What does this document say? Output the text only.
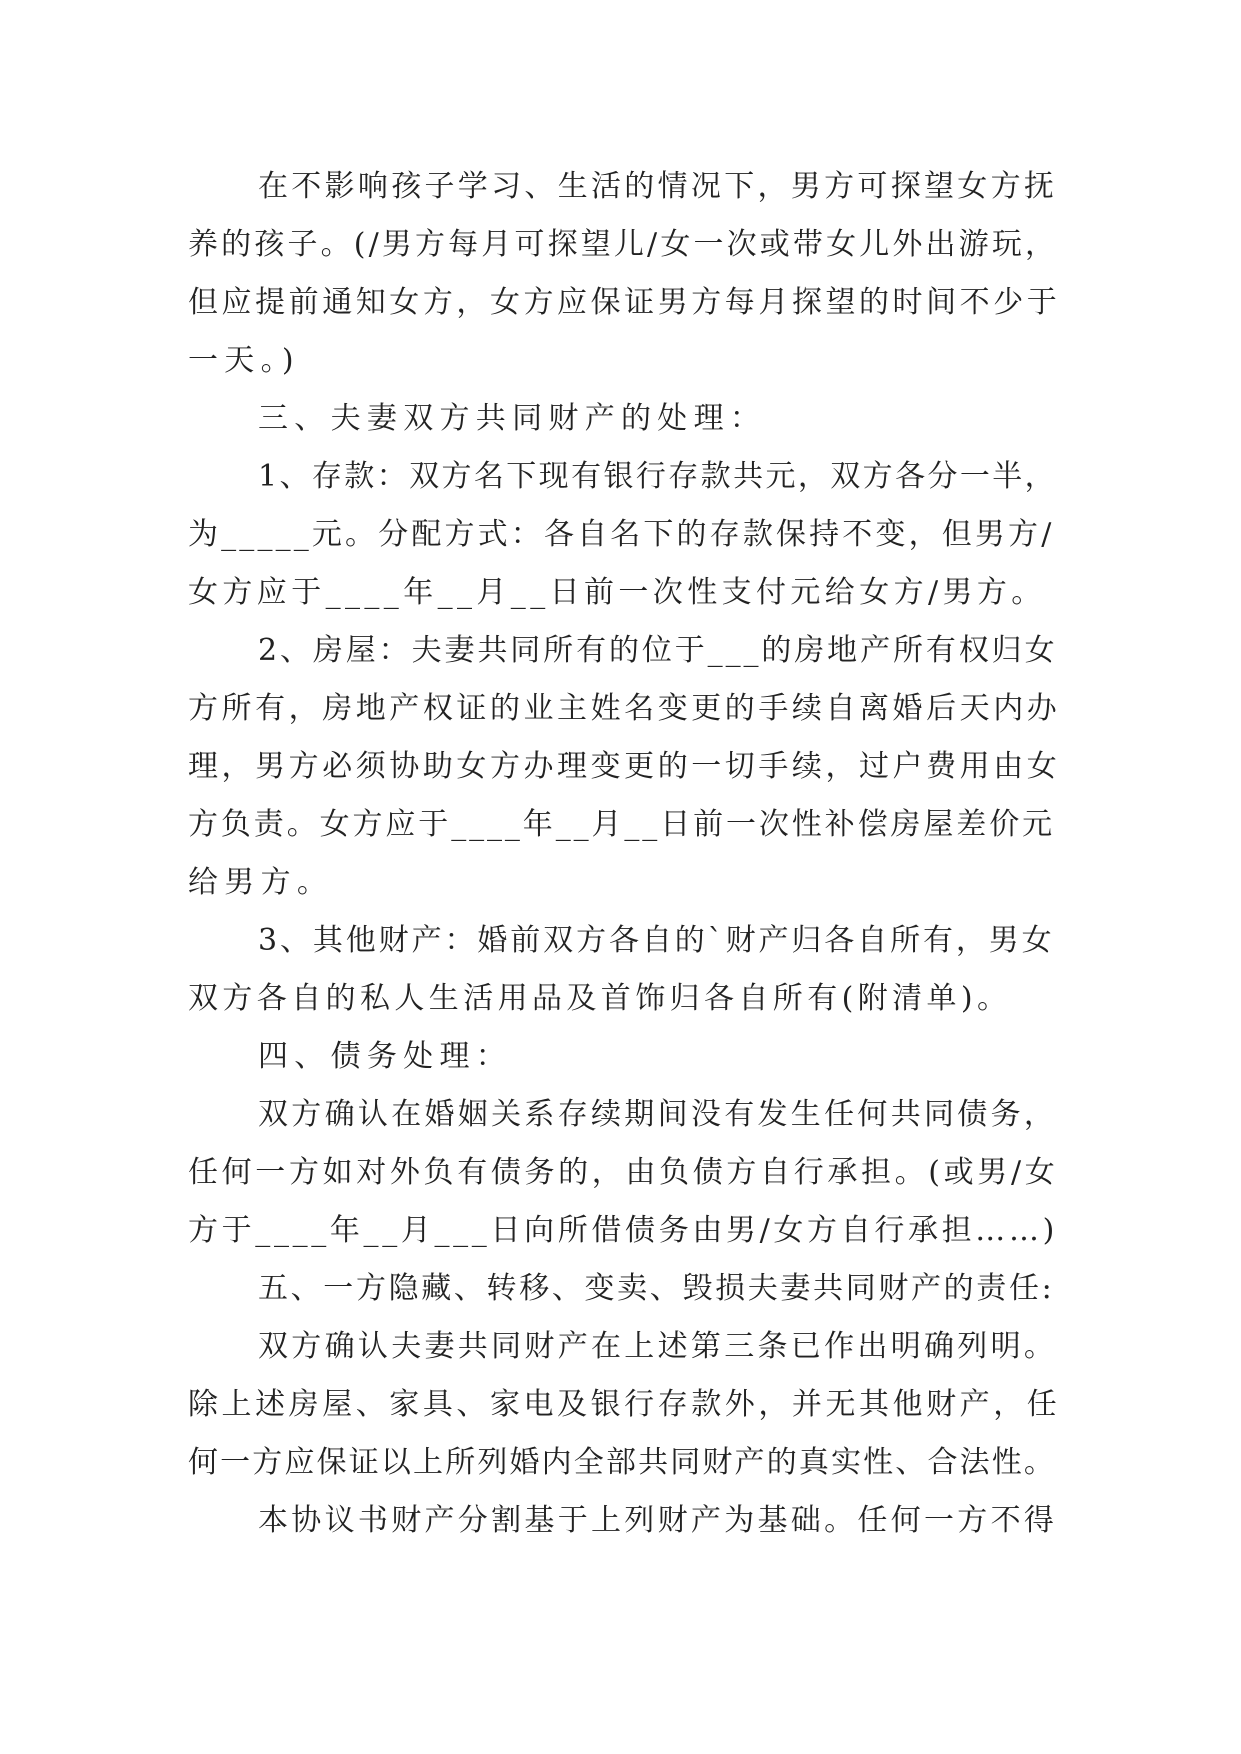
在不影响孩子学习、生活的情况下，男方可探望女方抚
养的孩子。(/男方每月可探望儿/女一次或带女儿外出游玩，
但应提前通知女方，女方应保证男方每月探望的时间不少于
一天。)
三、夫妻双方共同财产的处理：
1、存款：双方名下现有银行存款共元，双方各分一半，
为_____元。分配方式：各自名下的存款保持不变，但男方/
女方应于____年__月__日前一次性支付元给女方/男方。
2、房屋：夫妻共同所有的位于___的房地产所有权归女
方所有，房地产权证的业主姓名变更的手续自离婚后天内办
理，男方必须协助女方办理变更的一切手续，过户费用由女
方负责。女方应于____年__月__日前一次性补偿房屋差价元
给男方。
3、其他财产：婚前双方各自的`财产归各自所有，男女
双方各自的私人生活用品及首饰归各自所有(附清单)。
四、债务处理：
双方确认在婚姻关系存续期间没有发生任何共同债务，
任何一方如对外负有债务的，由负债方自行承担。(或男/女
方于____年__月___日向所借债务由男/女方自行承担……)
五、一方隐藏、转移、变卖、毁损夫妻共同财产的责任:
双方确认夫妻共同财产在上述第三条已作出明确列明。
除上述房屋、家具、家电及银行存款外，并无其他财产，任
何一方应保证以上所列婚内全部共同财产的真实性、合法性。
本协议书财产分割基于上列财产为基础。任何一方不得
